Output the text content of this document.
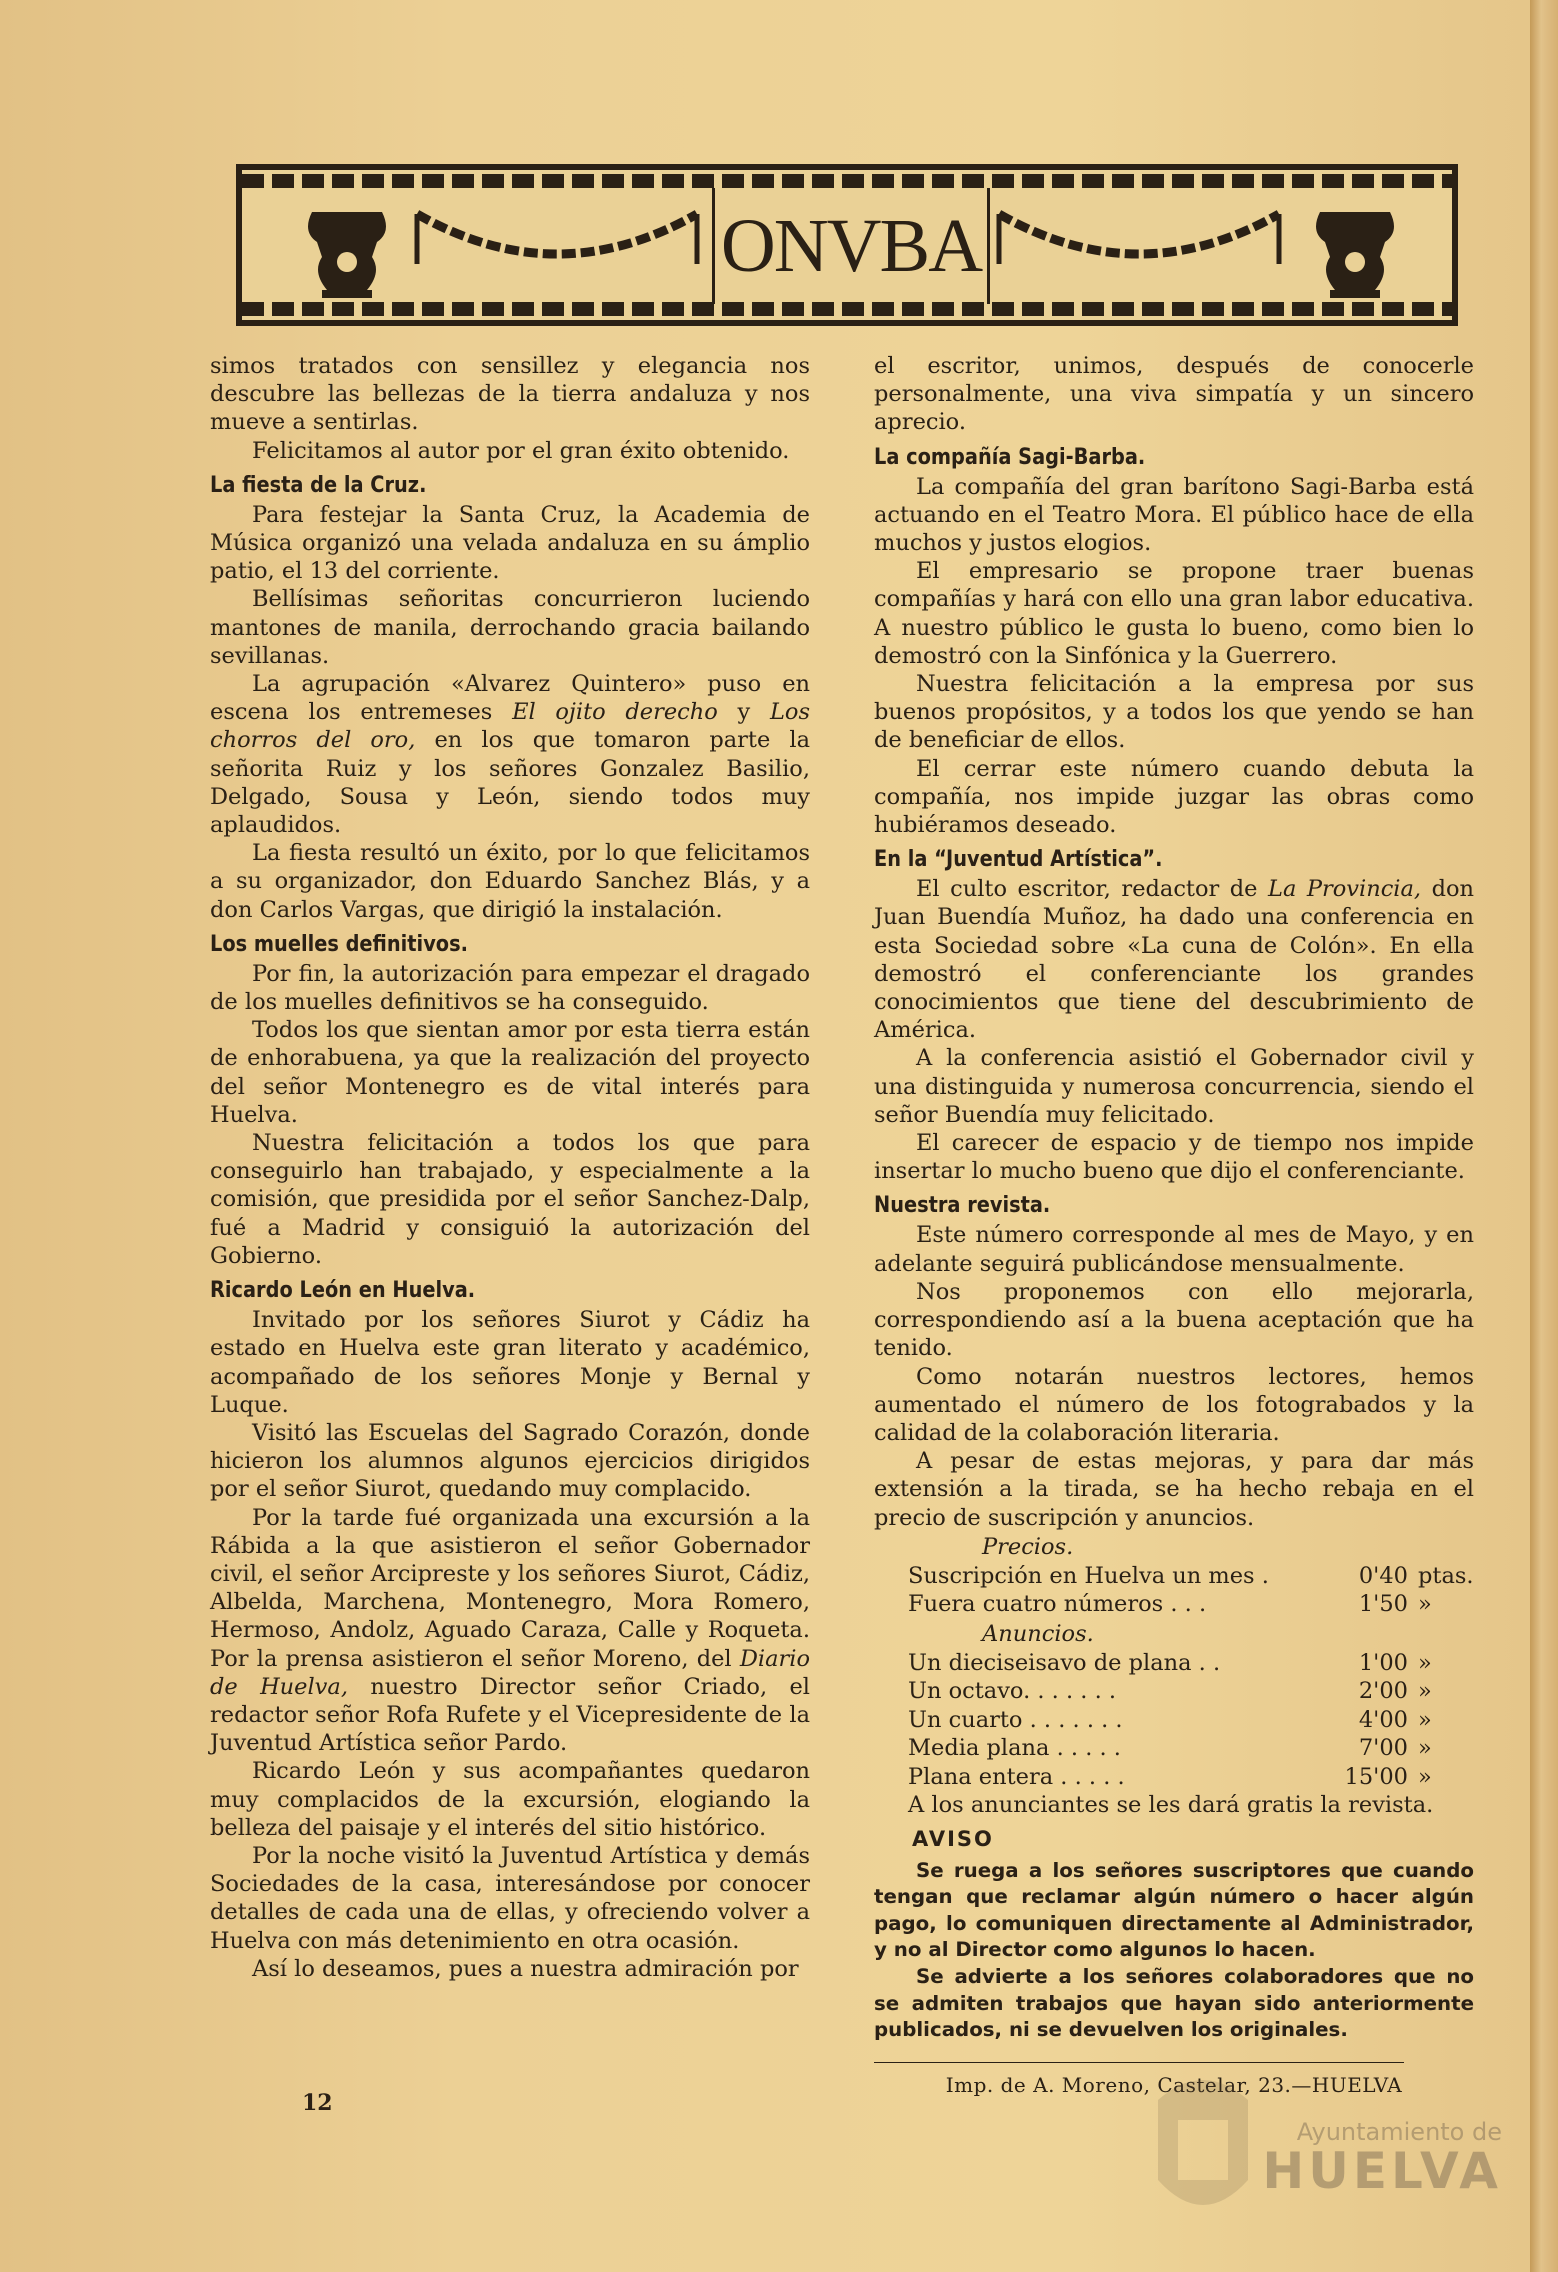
ONVBA

simos tratados con sensillez y elegancia nos descubre las bellezas de la tierra andaluza y nos mueve a sentirlas.

Felicitamos al autor por el gran éxito obtenido.

La fiesta de la Cruz.

Para festejar la Santa Cruz, la Academia de Música organizó una velada andaluza en su ámplio patio, el 13 del corriente.

Bellísimas señoritas concurrieron luciendo mantones de manila, derrochando gracia bailando sevillanas.

La agrupación «Alvarez Quintero» puso en escena los entremeses El ojito derecho y Los chorros del oro, en los que tomaron parte la señorita Ruiz y los señores Gonzalez Basilio, Delgado, Sousa y León, siendo todos muy aplaudidos.

La fiesta resultó un éxito, por lo que felicitamos a su organizador, don Eduardo Sanchez Blás, y a don Carlos Vargas, que dirigió la instalación.

Los muelles definitivos.

Por fin, la autorización para empezar el dragado de los muelles definitivos se ha conseguido.

Todos los que sientan amor por esta tierra están de enhorabuena, ya que la realización del proyecto del señor Montenegro es de vital interés para Huelva.

Nuestra felicitación a todos los que para conseguirlo han trabajado, y especialmente a la comisión, que presidida por el señor Sanchez-Dalp, fué a Madrid y consiguió la autorización del Gobierno.

Ricardo León en Huelva.

Invitado por los señores Siurot y Cádiz ha estado en Huelva este gran literato y académico, acompañado de los señores Monje y Bernal y Luque.

Visitó las Escuelas del Sagrado Corazón, donde hicieron los alumnos algunos ejercicios dirigidos por el señor Siurot, quedando muy complacido.

Por la tarde fué organizada una excursión a la Rábida a la que asistieron el señor Gobernador civil, el señor Arcipreste y los señores Siurot, Cádiz, Albelda, Marchena, Montenegro, Mora Romero, Hermoso, Andolz, Aguado Caraza, Calle y Roqueta. Por la prensa asistieron el señor Moreno, del Diario de Huelva, nuestro Director señor Criado, el redactor señor Rofa Rufete y el Vicepresidente de la Juventud Artística señor Pardo.

Ricardo León y sus acompañantes quedaron muy complacidos de la excursión, elogiando la belleza del paisaje y el interés del sitio histórico.

Por la noche visitó la Juventud Artística y demás Sociedades de la casa, interesándose por conocer detalles de cada una de ellas, y ofreciendo volver a Huelva con más detenimiento en otra ocasión.

Así lo deseamos, pues a nuestra admiración por

12

el escritor, unimos, después de conocerle personalmente, una viva simpatía y un sincero aprecio.

La compañía Sagi-Barba.

La compañía del gran barítono Sagi-Barba está actuando en el Teatro Mora. El público hace de ella muchos y justos elogios.

El empresario se propone traer buenas compañías y hará con ello una gran labor educativa. A nuestro público le gusta lo bueno, como bien lo demostró con la Sinfónica y la Guerrero.

Nuestra felicitación a la empresa por sus buenos propósitos, y a todos los que yendo se han de beneficiar de ellos.

El cerrar este número cuando debuta la compañía, nos impide juzgar las obras como hubiéramos deseado.

En la “Juventud Artística”.

El culto escritor, redactor de La Provincia, don Juan Buendía Muñoz, ha dado una conferencia en esta Sociedad sobre «La cuna de Colón». En ella demostró el conferenciante los grandes conocimientos que tiene del descubrimiento de América.

A la conferencia asistió el Gobernador civil y una distinguida y numerosa concurrencia, siendo el señor Buendía muy felicitado.

El carecer de espacio y de tiempo nos impide insertar lo mucho bueno que dijo el conferenciante.

Nuestra revista.

Este número corresponde al mes de Mayo, y en adelante seguirá publicándose mensualmente.

Nos proponemos con ello mejorarla, correspondiendo así a la buena aceptación que ha tenido.

Como notarán nuestros lectores, hemos aumentado el número de los fotograbados y la calidad de la colaboración literaria.

A pesar de estas mejoras, y para dar más extensión a la tirada, se ha hecho rebaja en el precio de suscripción y anuncios.

Precios.
Suscripción en Huelva un mes .	0'40 ptas.
Fuera cuatro números . . .	1'50 »
Anuncios.
Un dieciseisavo de plana . .	1'00 »
Un octavo. . . . . . .	2'00 »
Un cuarto . . . . . . .	4'00 »
Media plana . . . . .	7'00 »
Plana entera . . . . .	15'00 »

A los anunciantes se les dará gratis la revista.

AVISO

Se ruega a los señores suscriptores que cuando tengan que reclamar algún número o hacer algún pago, lo comuniquen directamente al Administrador, y no al Director como algunos lo hacen.

Se advierte a los señores colaboradores que no se admiten trabajos que hayan sido anteriormente publicados, ni se devuelven los originales.

Imp. de A. Moreno, Castelar, 23.—HUELVA
Ayuntamiento de
HUELVA
